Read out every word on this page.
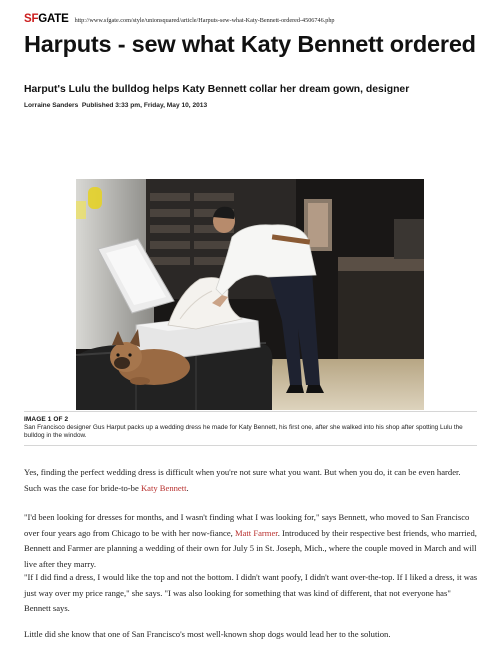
SFGATE http://www.sfgate.com/style/unionsquared/article/Harputs-sew-what-Katy-Bennett-ordered-4506746.php
Harputs - sew what Katy Bennett ordered
Harput's Lulu the bulldog helps Katy Bennett collar her dream gown, designer
Lorraine Sanders Published 3:33 pm, Friday, May 10, 2013
IMAGE 1 OF 2
San Francisco designer Gus Harput packs up a wedding dress he made for Katy Bennett, his first one, after she walked into his shop after spotting Lulu the bulldog in the window.

Yes, finding the perfect wedding dress is difficult when you're not sure what you want. But when you do, it can be even harder. Such was the case for bride-to-be Katy Bennett.

"I'd been looking for dresses for months, and I wasn't finding what I was looking for," says Bennett, who moved to San Francisco over four years ago from Chicago to be with her now-fiance, Matt Farmer. Introduced by their respective best friends, who married, Bennett and Farmer are planning a wedding of their own for July 5 in St. Joseph, Mich., where the couple moved in March and will live after they marry.

"If I did find a dress, I would like the top and not the bottom. I didn't want poofy, I didn't want over-the-top. If I liked a dress, it was just way over my price range," she says. "I was also looking for something that was kind of different, that not everyone has" Bennett says.

Little did she know that one of San Francisco's most well-known shop dogs would lead her to the solution.
